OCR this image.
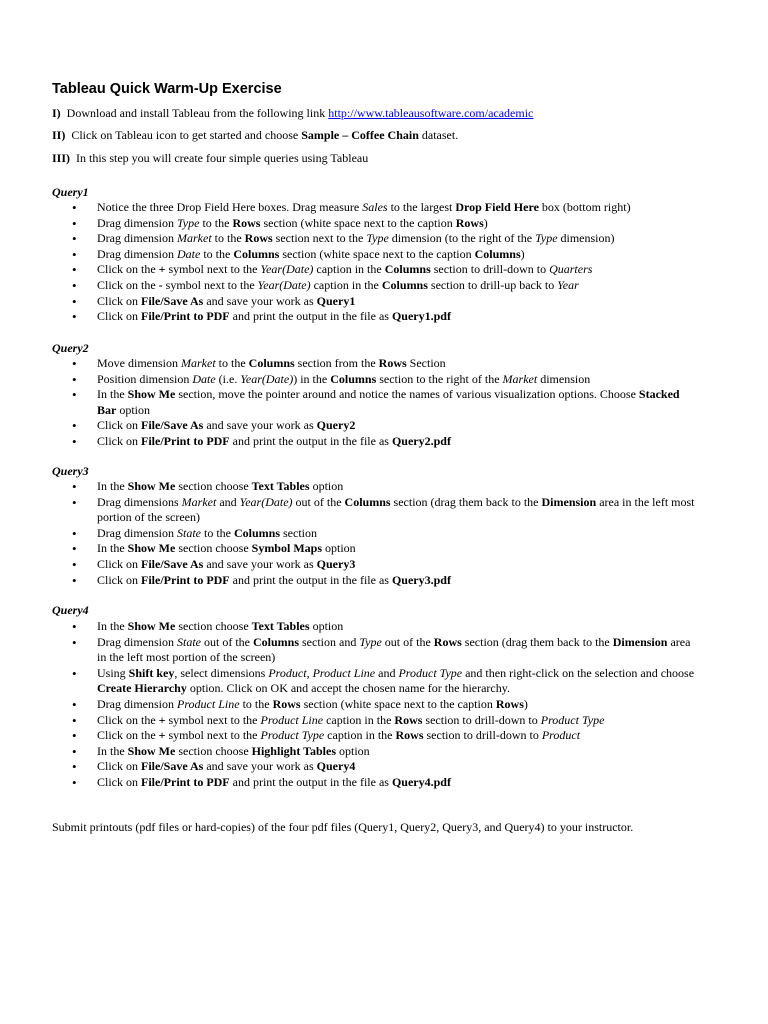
Tableau Quick Warm-Up Exercise
I) Download and install Tableau from the following link http://www.tableausoftware.com/academic
II) Click on Tableau icon to get started and choose Sample – Coffee Chain dataset.
III) In this step you will create four simple queries using Tableau
Query1
• Notice the three Drop Field Here boxes. Drag measure Sales to the largest Drop Field Here box (bottom right)
• Drag dimension Type to the Rows section (white space next to the caption Rows)
• Drag dimension Market to the Rows section next to the Type dimension (to the right of the Type dimension)
• Drag dimension Date to the Columns section (white space next to the caption Columns)
• Click on the + symbol next to the Year(Date) caption in the Columns section to drill-down to Quarters
• Click on the - symbol next to the Year(Date) caption in the Columns section to drill-up back to Year
• Click on File/Save As and save your work as Query1
• Click on File/Print to PDF and print the output in the file as Query1.pdf
Query2
• Move dimension Market to the Columns section from the Rows Section
• Position dimension Date (i.e. Year(Date)) in the Columns section to the right of the Market dimension
• In the Show Me section, move the pointer around and notice the names of various visualization options. Choose Stacked Bar option
• Click on File/Save As and save your work as Query2
• Click on File/Print to PDF and print the output in the file as Query2.pdf
Query3
• In the Show Me section choose Text Tables option
• Drag dimensions Market and Year(Date) out of the Columns section (drag them back to the Dimension area in the left most portion of the screen)
• Drag dimension State to the Columns section
• In the Show Me section choose Symbol Maps option
• Click on File/Save As and save your work as Query3
• Click on File/Print to PDF and print the output in the file as Query3.pdf
Query4
• In the Show Me section choose Text Tables option
• Drag dimension State out of the Columns section and Type out of the Rows section (drag them back to the Dimension area in the left most portion of the screen)
• Using Shift key, select dimensions Product, Product Line and Product Type and then right-click on the selection and choose Create Hierarchy option. Click on OK and accept the chosen name for the hierarchy.
• Drag dimension Product Line to the Rows section (white space next to the caption Rows)
• Click on the + symbol next to the Product Line caption in the Rows section to drill-down to Product Type
• Click on the + symbol next to the Product Type caption in the Rows section to drill-down to Product
• In the Show Me section choose Highlight Tables option
• Click on File/Save As and save your work as Query4
• Click on File/Print to PDF and print the output in the file as Query4.pdf
Submit printouts (pdf files or hard-copies) of the four pdf files (Query1, Query2, Query3, and Query4) to your instructor.
